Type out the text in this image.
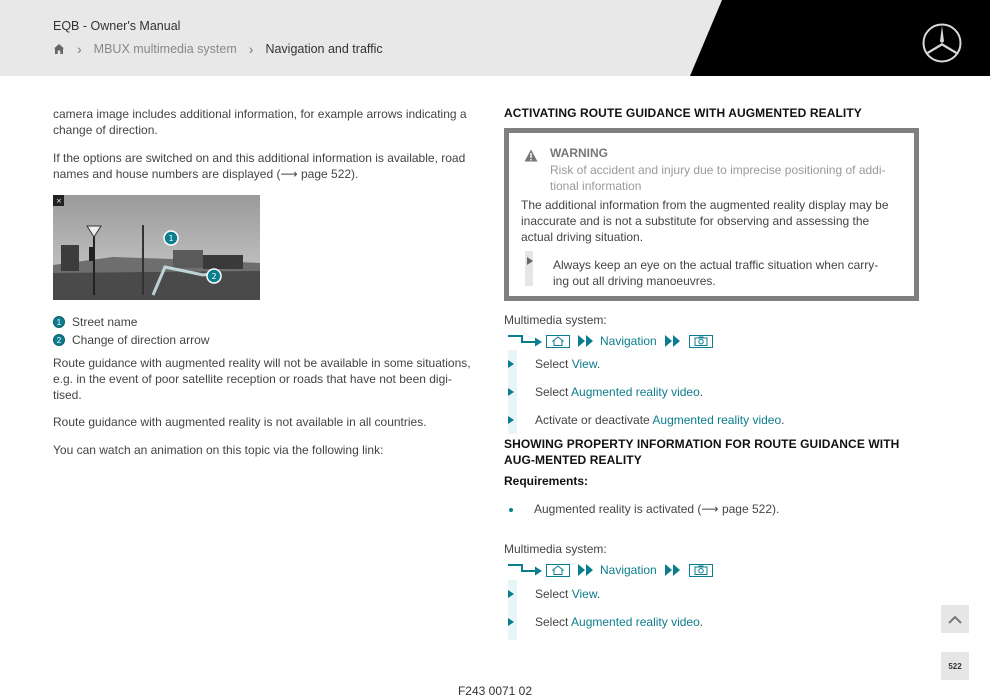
EQB - Owner's Manual
› MBUX multimedia system › Navigation and traffic

camera image includes additional information, for example arrows indicating a change of direction.

If the options are switched on and this additional information is available, road names and house numbers are displayed (⟶ page 522).

×
1
2
1 Street name
2 Change of direction arrow

Route guidance with augmented reality will not be available in some situations, e.g. in the event of poor satellite reception or roads that have not been digi-tised.

Route guidance with augmented reality is not available in all countries.

You can watch an animation on this topic via the following link:

ACTIVATING ROUTE GUIDANCE WITH AUGMENTED REALITY
WARNING
Risk of accident and injury due to imprecise positioning of addi-tional information
The additional information from the augmented reality display may be inaccurate and is not a substitute for observing and assessing the actual driving situation.
Always keep an eye on the actual traffic situation when carry-ing out all driving manoeuvres.
Multimedia system:
Navigation
Select View.
Select Augmented reality video.
Activate or deactivate Augmented reality video.
SHOWING PROPERTY INFORMATION FOR ROUTE GUIDANCE WITH AUG-MENTED REALITY
Requirements:
Augmented reality is activated (⟶ page 522).
Multimedia system:
Navigation
Select View.
Select Augmented reality video.
522
F243 0071 02
